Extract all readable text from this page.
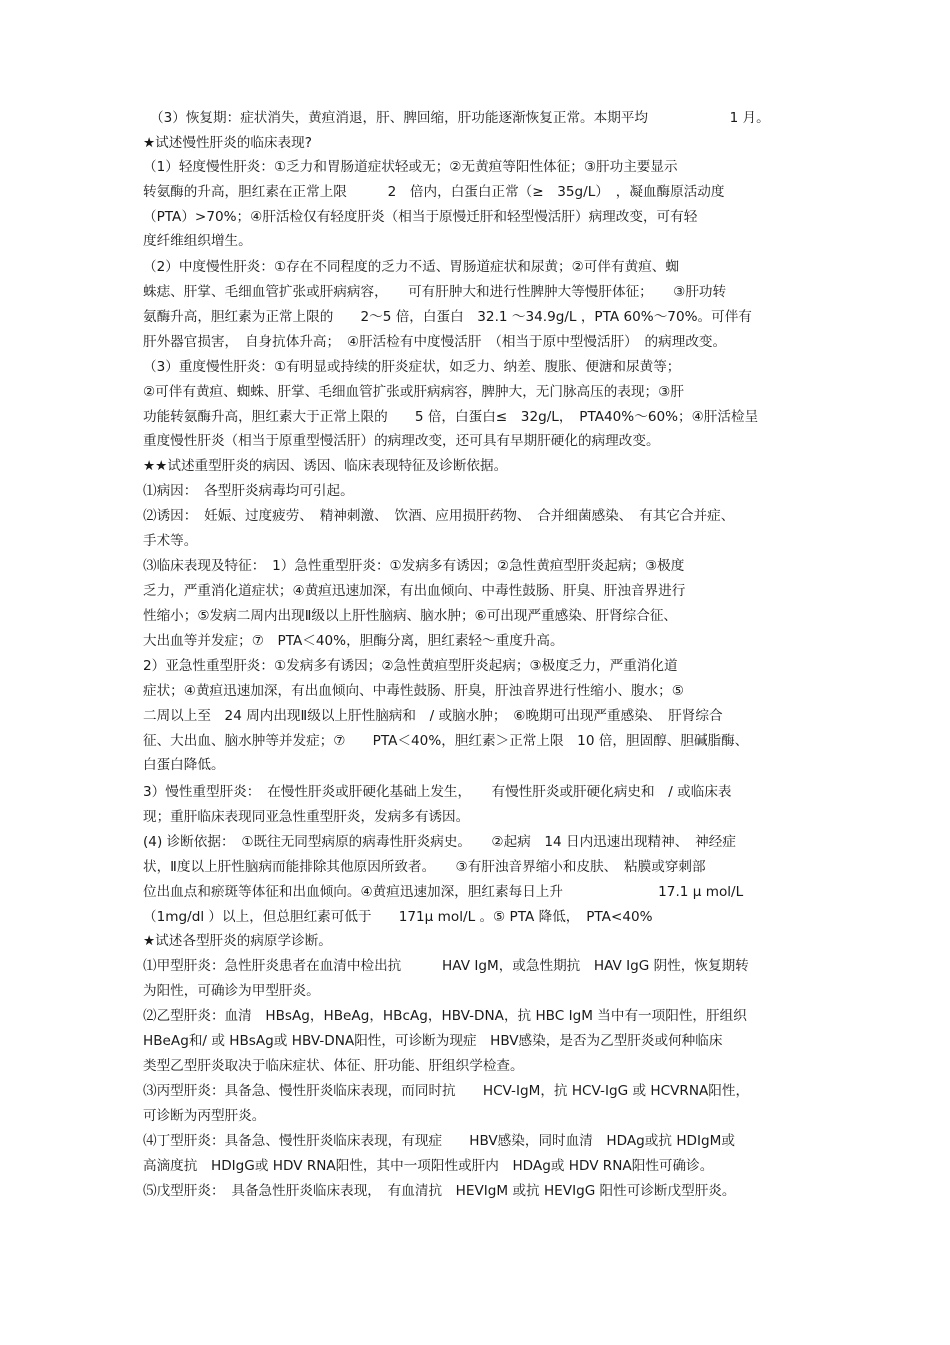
（3）恢复期：症状消失，黄疸消退，肝、脾回缩，肝功能逐渐恢复正常。本期平均　　　　　　1 月。
★试述慢性肝炎的临床表现?
（1）轻度慢性肝炎：①乏力和胃肠道症状轻或无；②无黄疸等阳性体征；③肝功主要显示
转氨酶的升高，胆红素在正常上限　　　2　倍内，白蛋白正常（≥　35g/L）　，凝血酶原活动度
（PTA）>70%；④肝活检仅有轻度肝炎（相当于原慢迁肝和轻型慢活肝）病理改变，可有轻
度纤维组织增生。
（2）中度慢性肝炎：①存在不同程度的乏力不适、胃肠道症状和尿黄；②可伴有黄疸、蜘
蛛痣、肝掌、毛细血管扩张或肝病病容，　　可有肝肿大和进行性脾肿大等慢肝体征；　　③肝功转
氨酶升高，胆红素为正常上限的　　2～5 倍，白蛋白　32.1 ～34.9g/L ，PTA 60%～70%。可伴有
肝外器官损害，　自身抗体升高；　④肝活检有中度慢活肝　（相当于原中型慢活肝）　的病理改变。
（3）重度慢性肝炎：①有明显或持续的肝炎症状，如乏力、纳差、腹胀、便溏和尿黄等；
②可伴有黄疸、蜘蛛、肝掌、毛细血管扩张或肝病病容，脾肿大，无门脉高压的表现；③肝
功能转氨酶升高，胆红素大于正常上限的　　5 倍，白蛋白≤　32g/L，　PTA40%～60%；④肝活检呈
重度慢性肝炎（相当于原重型慢活肝）的病理改变，还可具有早期肝硬化的病理改变。
★★试述重型肝炎的病因、诱因、临床表现特征及诊断依据。
⑴病因：　各型肝炎病毒均可引起。
⑵诱因：　妊娠、过度疲劳、　精神刺激、　饮酒、应用损肝药物、　合并细菌感染、　有其它合并症、
手术等。
⑶临床表现及特征：　1）急性重型肝炎：①发病多有诱因；②急性黄疸型肝炎起病；③极度
乏力，严重消化道症状；④黄疸迅速加深，有出血倾向、中毒性鼓肠、肝臭、肝浊音界进行
性缩小；⑤发病二周内出现Ⅱ级以上肝性脑病、脑水肿；⑥可出现严重感染、肝肾综合征、
大出血等并发症；⑦　PTA＜40%，胆酶分离，胆红素轻～重度升高。
2）亚急性重型肝炎：①发病多有诱因；②急性黄疸型肝炎起病；③极度乏力，严重消化道
症状；④黄疸迅速加深，有出血倾向、中毒性鼓肠、肝臭，肝浊音界进行性缩小、腹水；⑤
二周以上至　24 周内出现Ⅱ级以上肝性脑病和　/ 或脑水肿；　⑥晚期可出现严重感染、　肝肾综合
征、大出血、脑水肿等并发症；⑦　　PTA＜40%，胆红素＞正常上限　10 倍，胆固醇、胆碱脂酶、
白蛋白降低。
3）慢性重型肝炎：　在慢性肝炎或肝硬化基础上发生，　　有慢性肝炎或肝硬化病史和　/ 或临床表
现；重肝临床表现同亚急性重型肝炎，发病多有诱因。
(4) 诊断依据：　①既往无同型病原的病毒性肝炎病史。　　②起病　14 日内迅速出现精神、　神经症
状，Ⅱ度以上肝性脑病而能排除其他原因所致者。　　③有肝浊音界缩小和皮肤、　粘膜或穿刺部
位出血点和瘀斑等体征和出血倾向。④黄疸迅速加深，胆红素每日上升　　　　　　　17.1 μ mol/L
（1mg/dl ）以上，但总胆红素可低于　　171μ mol/L 。⑤ PTA 降低，　PTA<40%
★试述各型肝炎的病原学诊断。
⑴甲型肝炎：急性肝炎患者在血清中检出抗　　　HAV IgM，或急性期抗　HAV IgG 阴性，恢复期转
为阳性，可确诊为甲型肝炎。
⑵乙型肝炎：血清　HBsAg，HBeAg，HBcAg，HBV-DNA，抗 HBC IgM 当中有一项阳性，肝组织
HBeAg和/ 或 HBsAg或 HBV-DNA阳性，可诊断为现症　HBV感染，是否为乙型肝炎或何种临床
类型乙型肝炎取决于临床症状、体征、肝功能、肝组织学检查。
⑶丙型肝炎：具备急、慢性肝炎临床表现，而同时抗　　HCV-IgM，抗 HCV-IgG 或 HCVRNA阳性，
可诊断为丙型肝炎。
⑷丁型肝炎：具备急、慢性肝炎临床表现，有现症　　HBV感染，同时血清　HDAg或抗 HDIgM或
高滴度抗　HDIgG或 HDV RNA阳性，其中一项阳性或肝内　HDAg或 HDV RNA阳性可确诊。
⑸戊型肝炎：　具备急性肝炎临床表现，　有血清抗　HEVIgM 或抗 HEVIgG 阳性可诊断戊型肝炎。
